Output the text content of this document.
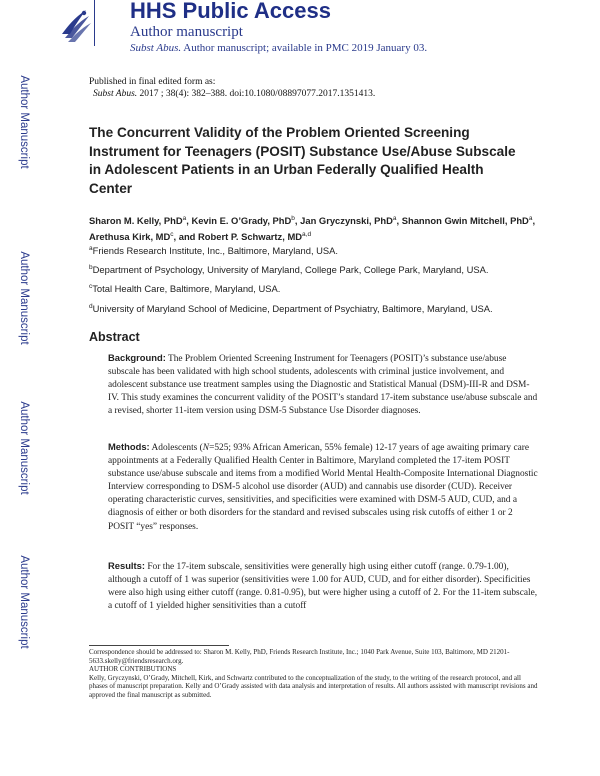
Author Manuscript
Author Manuscript
Author Manuscript
Author Manuscript
HHS Public Access
Author manuscript
Subst Abus. Author manuscript; available in PMC 2019 January 03.
Published in final edited form as:
Subst Abus. 2017 ; 38(4): 382–388. doi:10.1080/08897077.2017.1351413.
The Concurrent Validity of the Problem Oriented Screening Instrument for Teenagers (POSIT) Substance Use/Abuse Subscale in Adolescent Patients in an Urban Federally Qualified Health Center
Sharon M. Kelly, PhD$^a$, Kevin E. O’Grady, PhD$^b$, Jan Gryczynski, PhD$^a$, Shannon Gwin Mitchell, PhD$^a$, Arethusa Kirk, $MD^c$, and Robert P. Schwartz, MD$^{a,d}$
$^a$Friends Research Institute, Inc., Baltimore, Maryland, USA.
$^b$Department of Psychology, University of Maryland, College Park, College Park, Maryland, USA.
$^c$Total Health Care, Baltimore, Maryland, USA.
$^d$University of Maryland School of Medicine, Department of Psychiatry, Baltimore, Maryland, USA.
Abstract
Background: The Problem Oriented Screening Instrument for Teenagers (POSIT)’s substance use/abuse subscale has been validated with high school students, adolescents with criminal justice involvement, and adolescent substance use treatment samples using the Diagnostic and Statistical Manual (DSM)-III-R and DSM-IV. This study examines the concurrent validity of the POSIT’s standard 17-item substance use/abuse subscale and a revised, shorter 11-item version using DSM-5 Substance Use Disorder diagnoses.
Methods: Adolescents (N=525; 93% African American, 55% female) 12-17 years of age awaiting primary care appointments at a Federally Qualified Health Center in Baltimore, Maryland completed the 17-item POSIT substance use/abuse subscale and items from a modified World Mental Health-Composite International Diagnostic Interview corresponding to DSM-5 alcohol use disorder (AUD) and cannabis use disorder (CUD). Receiver operating characteristic curves, sensitivities, and specificities were examined with DSM-5 AUD, CUD, and a diagnosis of either or both disorders for the standard and revised subscales using risk cutoffs of either 1 or 2 POSIT “yes” responses.
Results: For the 17-item subscale, sensitivities were generally high using either cutoff (range. 0.79-1.00), although a cutoff of 1 was superior (sensitivities were 1.00 for AUD, CUD, and for either disorder). Specificities were also high using either cutoff (range. 0.81-0.95), but were higher using a cutoff of 2. For the 11-item subscale, a cutoff of 1 yielded higher sensitivities than a cutoff
Correspondence should be addressed to: Sharon M. Kelly, PhD, Friends Research Institute, Inc.; 1040 Park Avenue, Suite 103, Baltimore, MD 21201-5633.skelly@friendsresearch.org.
AUTHOR CONTRIBUTIONS
Kelly, Gryczynski, O’Grady, Mitchell, Kirk, and Schwartz contributed to the conceptualization of the study, to the writing of the research protocol, and all phases of manuscript preparation. Kelly and O’Grady assisted with data analysis and interpretation of results. All authors assisted with manuscript revisions and approved the final manuscript as submitted.
